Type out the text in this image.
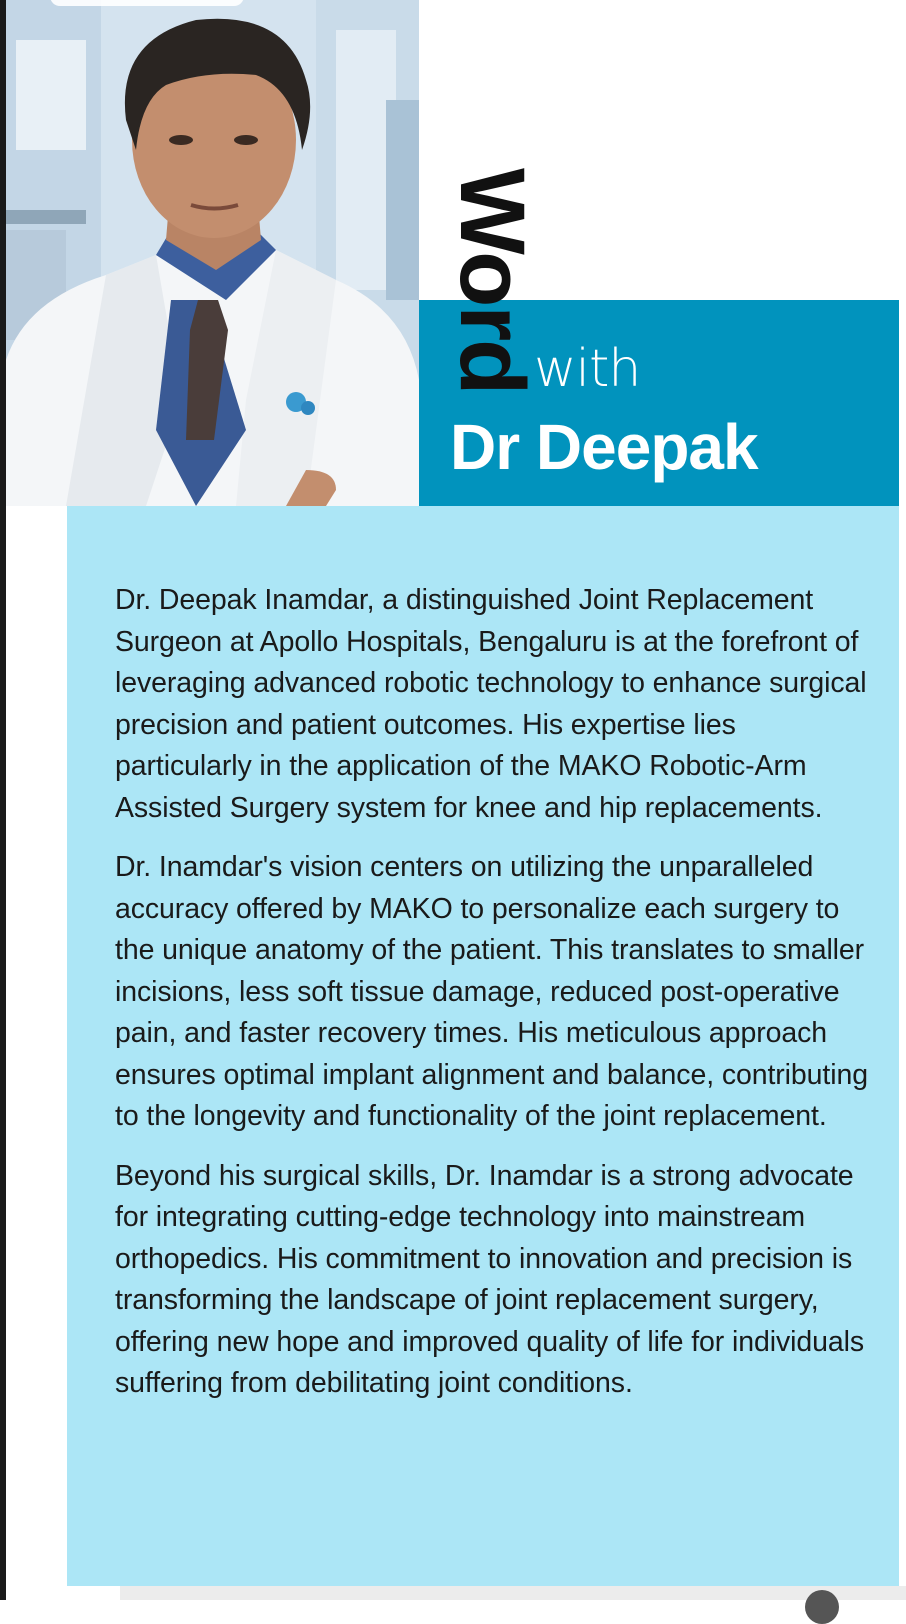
Word
with
Dr Deepak

Dr. Deepak Inamdar, a distinguished Joint Replacement Surgeon at Apollo Hospitals, Bengaluru is at the forefront of leveraging advanced robotic technology to enhance surgical precision and patient outcomes. His expertise lies particularly in the application of the MAKO Robotic-Arm Assisted Surgery system for knee and hip replacements.

Dr. Inamdar's vision centers on utilizing the unparalleled accuracy offered by MAKO to personalize each surgery to the unique anatomy of the patient. This translates to smaller incisions, less soft tissue damage, reduced post-operative pain, and faster recovery times. His meticulous approach ensures optimal implant alignment and balance, contributing to the longevity and functionality of the joint replacement.

Beyond his surgical skills, Dr. Inamdar is a strong advocate for integrating cutting-edge technology into mainstream orthopedics. His commitment to innovation and precision is transforming the landscape of joint replacement surgery, offering new hope and improved quality of life for individuals suffering from debilitating joint conditions.
